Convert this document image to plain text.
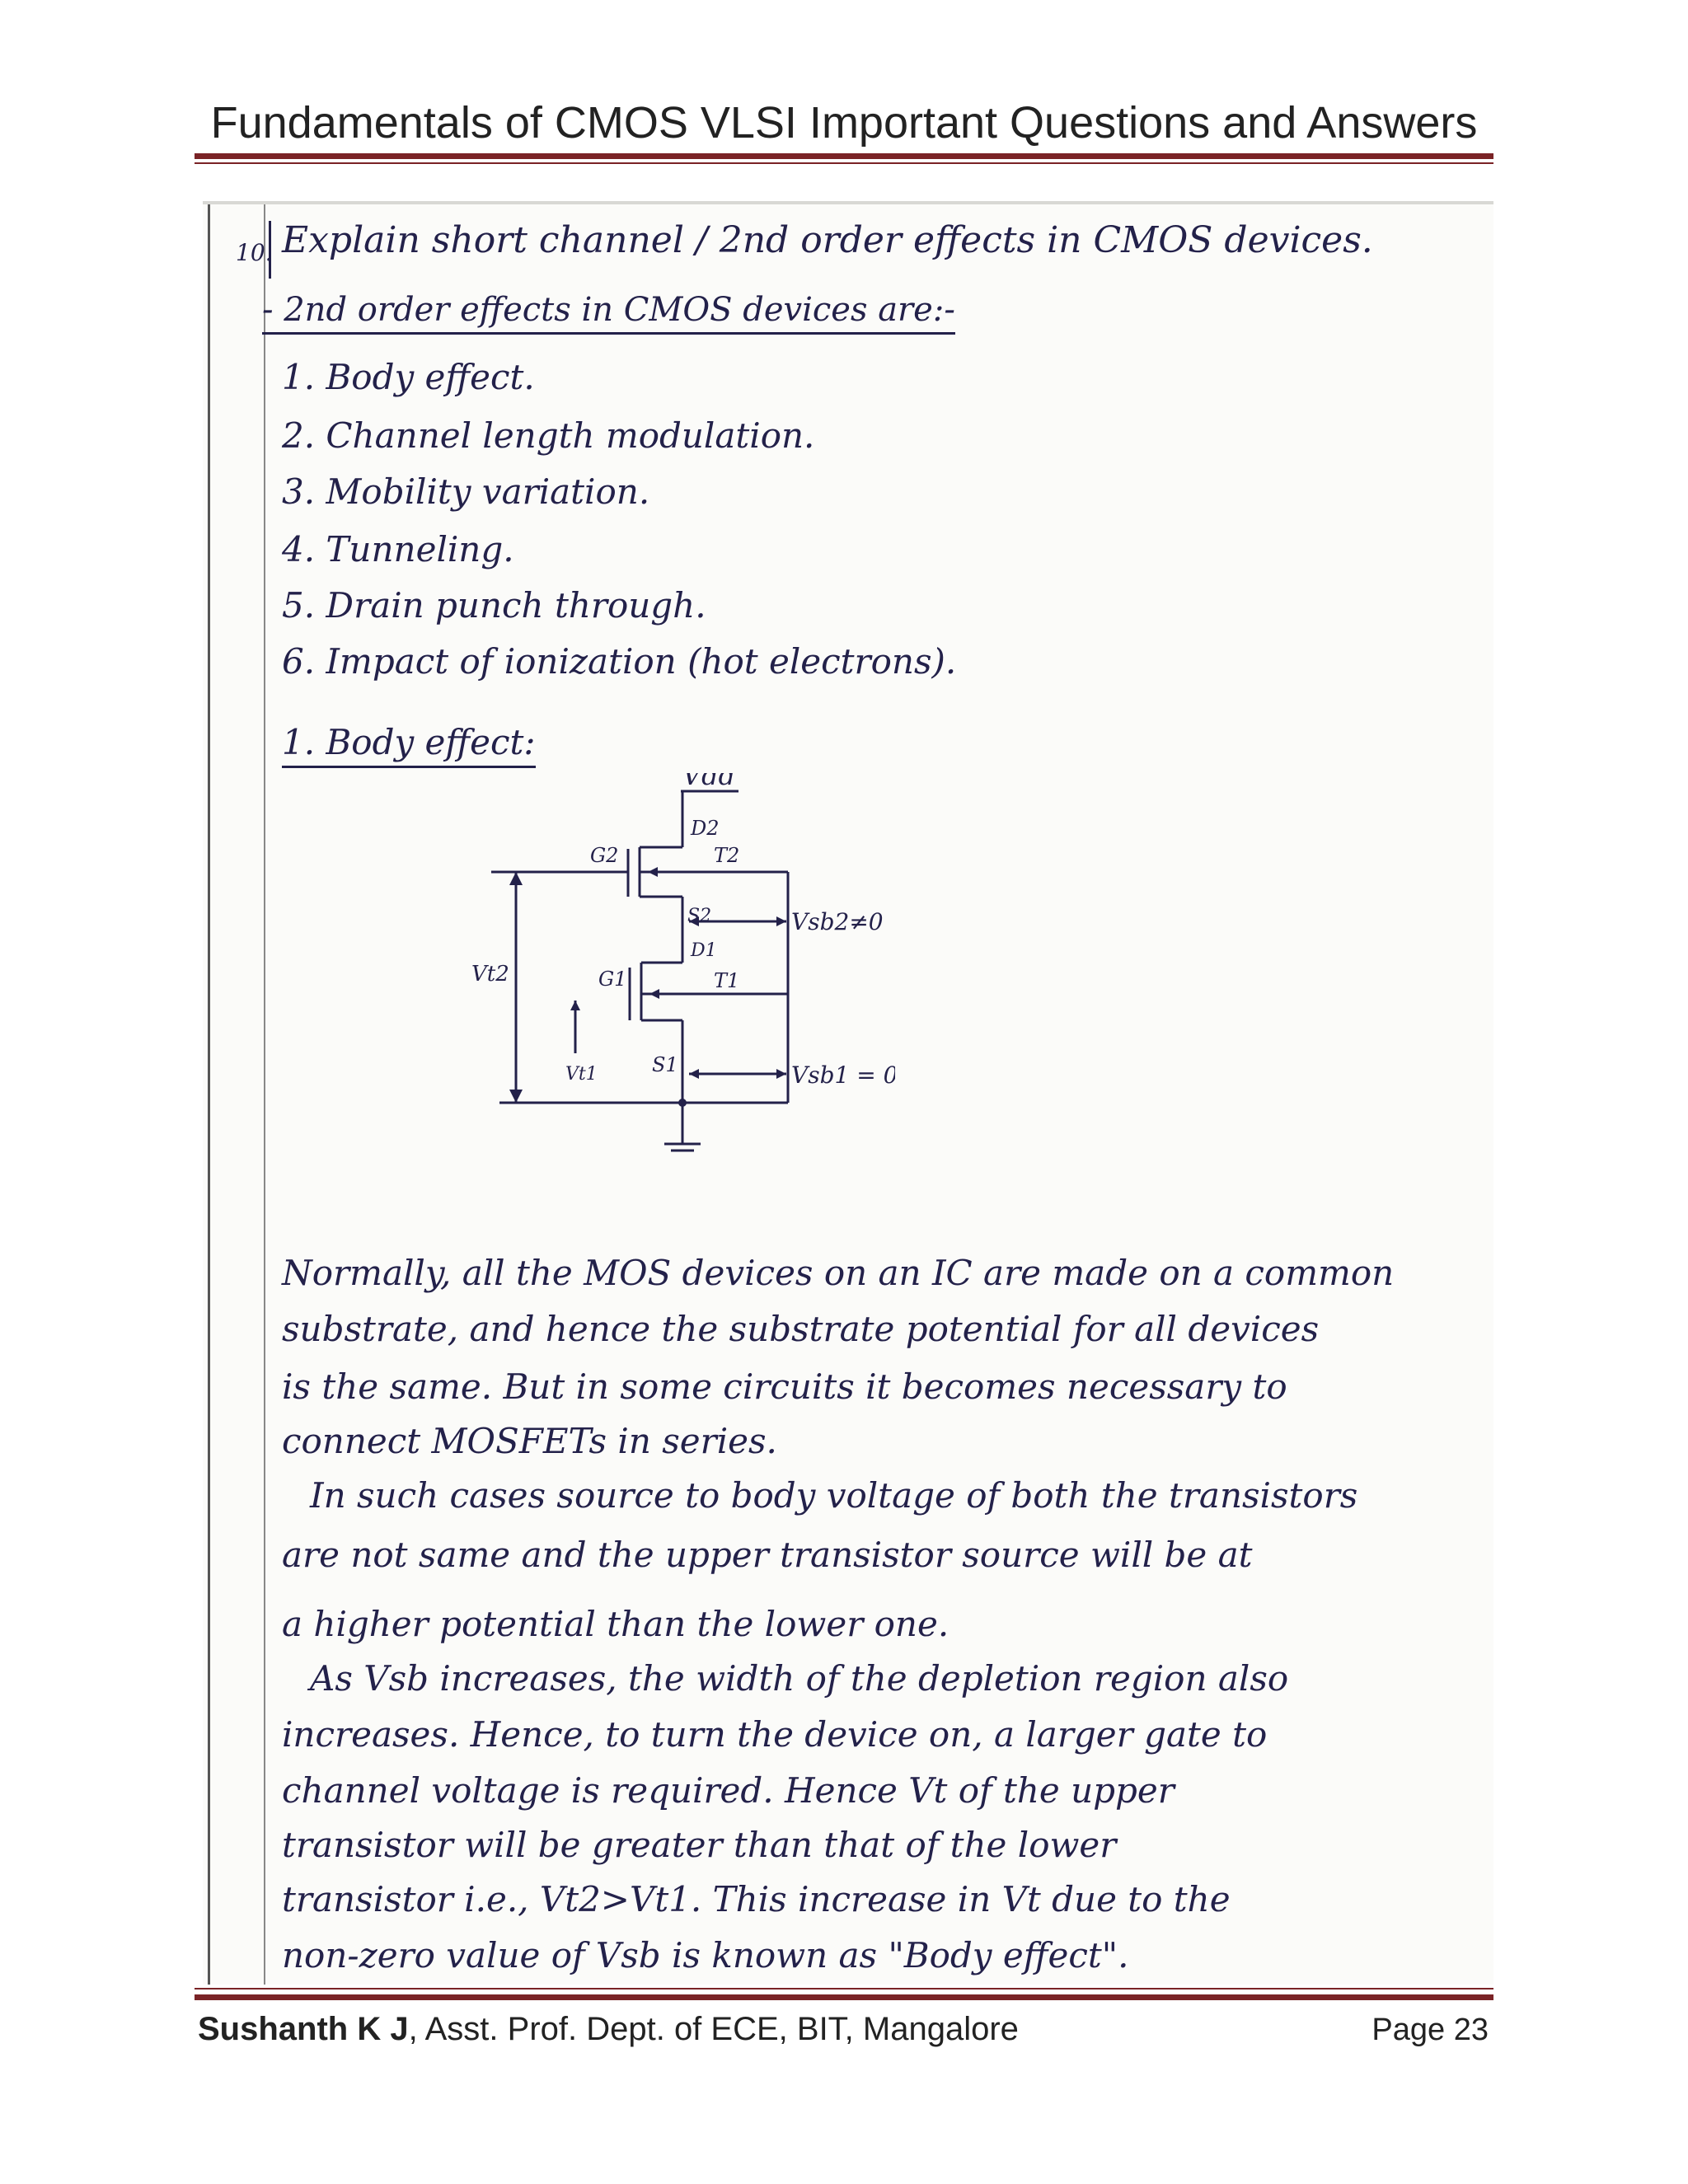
Fundamentals of CMOS VLSI Important Questions and Answers
10. Explain short channel / 2nd order effects in CMOS devices.
- 2nd order effects in CMOS devices are:-
1. Body effect.
2. Channel length modulation.
3. Mobility variation.
4. Tunneling.
5. Drain punch through.
6. Impact of ionization (hot electrons).
1. Body effect:
Vdd
D2
G2	T2
S2	Vsb2≠0
Vt2
D1
G1	T1
Vt1	S1	Vsb1 = 0
Normally, all the MOS devices on an IC are made on a common
substrate, and hence the substrate potential for all devices
is the same. But in some circuits it becomes necessary to
connect MOSFETs in series.
In such cases source to body voltage of both the transistors
are not same and the upper transistor source will be at
a higher potential than the lower one.
As Vsb increases, the width of the depletion region also
increases. Hence, to turn the device on, a larger gate to
channel voltage is required. Hence Vt of the upper
transistor will be greater than that of the lower
transistor i.e., Vt2>Vt1. This increase in Vt due to the
non-zero value of Vsb is known as "Body effect".
Sushanth K J, Asst. Prof. Dept. of ECE, BIT, Mangalore	Page 23
